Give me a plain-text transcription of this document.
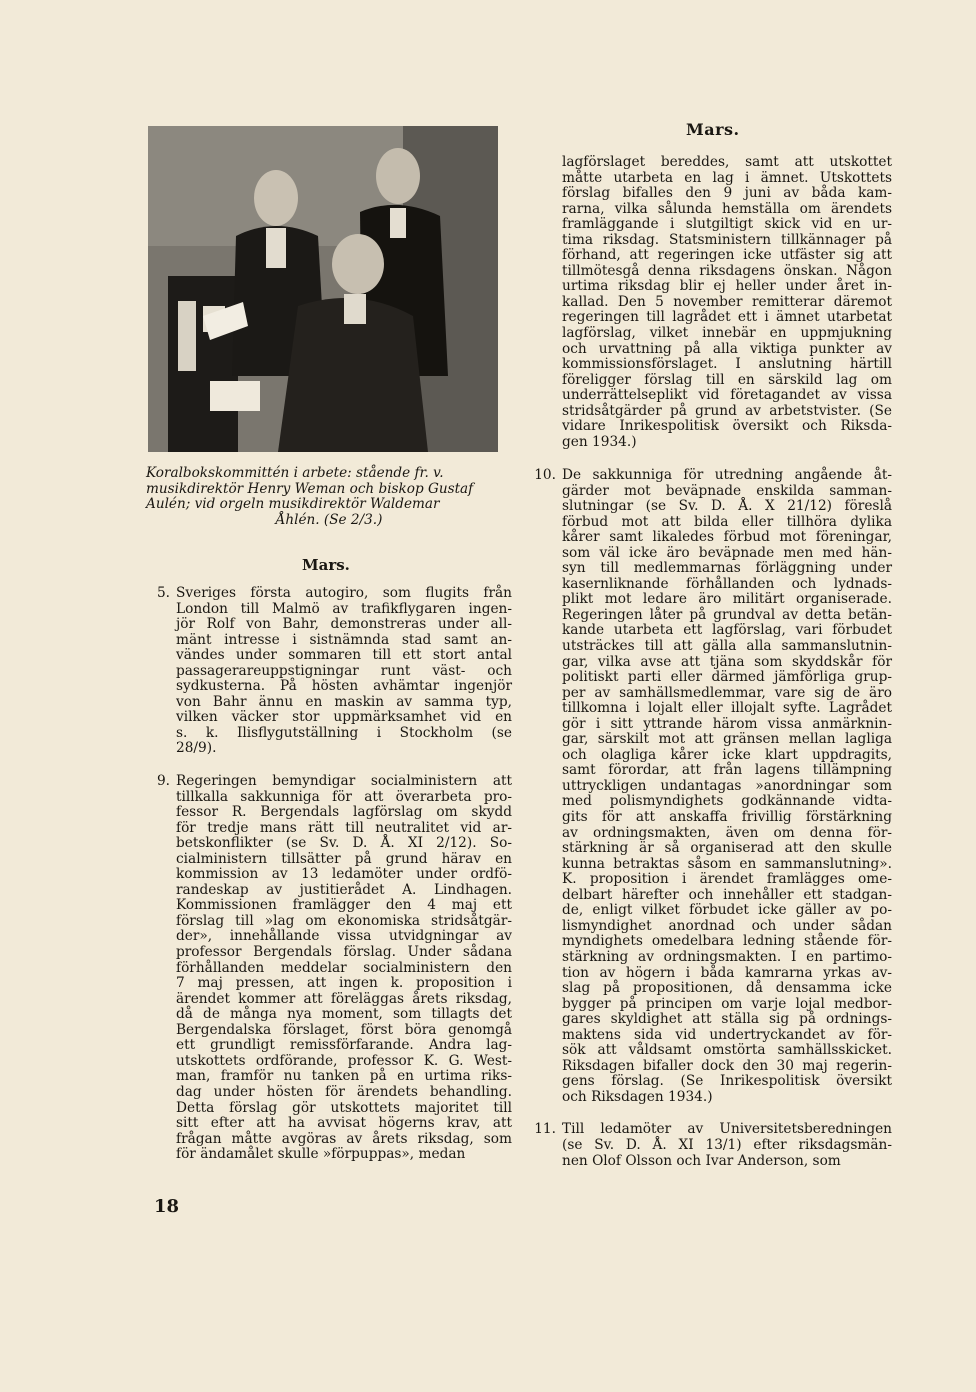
Koralbokskommittén i arbete: stående fr. v.
musikdirektör Henry Weman och biskop Gustaf
Aulén; vid orgeln musikdirektör Waldemar
Åhlén. (Se 2/3.)
Mars.
Mars.
lagförslaget bereddes, samt att utskottet
måtte utarbeta en lag i ämnet. Utskottets
förslag bifalles den 9 juni av båda kam-
rarna, vilka sålunda hemställa om ärendets
framläggande i slutgiltigt skick vid en ur-
tima riksdag. Statsministern tillkännager på
förhand, att regeringen icke utfäster sig att
tillmötesgå denna riksdagens önskan. Någon
urtima riksdag blir ej heller under året in-
kallad. Den 5 november remitterar däremot
regeringen till lagrådet ett i ämnet utarbetat
lagförslag, vilket innebär en uppmjukning
och urvattning på alla viktiga punkter av
kommissionsförslaget. I anslutning härtill
föreligger förslag till en särskild lag om
underrättelseplikt vid företagandet av vissa
stridsåtgärder på grund av arbetstvister. (Se
vidare Inrikespolitisk översikt och Riksda-
gen 1934.)
5. Sveriges första autogiro, som flugits från
London till Malmö av trafikflygaren ingen-
jör Rolf von Bahr, demonstreras under all-
mänt intresse i sistnämnda stad samt an-
vändes under sommaren till ett stort antal
passagerareuppstigningar runt väst- och
sydkusterna. På hösten avhämtar ingenjör
von Bahr ännu en maskin av samma typ,
vilken väcker stor uppmärksamhet vid en
s. k. Ilisflygutställning i Stockholm (se
28/9).
9. Regeringen bemyndigar socialministern att
tillkalla sakkunniga för att överarbeta pro-
fessor R. Bergendals lagförslag om skydd
för tredje mans rätt till neutralitet vid ar-
betskonflikter (se Sv. D. Å. XI 2/12). So-
cialministern tillsätter på grund härav en
kommission av 13 ledamöter under ordfö-
randeskap av justitierådet A. Lindhagen.
Kommissionen framlägger den 4 maj ett
förslag till »lag om ekonomiska stridsåtgär-
der», innehållande vissa utvidgningar av
professor Bergendals förslag. Under sådana
förhållanden meddelar socialministern den
7 maj pressen, att ingen k. proposition i
ärendet kommer att föreläggas årets riksdag,
då de många nya moment, som tillagts det
Bergendalska förslaget, först böra genomgå
ett grundligt remissförfarande. Andra lag-
utskottets ordförande, professor K. G. West-
man, framför nu tanken på en urtima riks-
dag under hösten för ärendets behandling.
Detta förslag gör utskottets majoritet till
sitt efter att ha avvisat högerns krav, att
frågan måtte avgöras av årets riksdag, som
för ändamålet skulle »förpuppas», medan
10. De sakkunniga för utredning angående åt-
gärder mot beväpnade enskilda samman-
slutningar (se Sv. D. Å. X 21/12) föreslå
förbud mot att bilda eller tillhöra dylika
kårer samt likaledes förbud mot föreningar,
som väl icke äro beväpnade men med hän-
syn till medlemmarnas förläggning under
kasernliknande förhållanden och lydnads-
plikt mot ledare äro militärt organiserade.
Regeringen låter på grundval av detta betän-
kande utarbeta ett lagförslag, vari förbudet
utsträckes till att gälla alla sammanslutnin-
gar, vilka avse att tjäna som skyddskår för
politiskt parti eller därmed jämförliga grup-
per av samhällsmedlemmar, vare sig de äro
tillkomna i lojalt eller illojalt syfte. Lagrådet
gör i sitt yttrande härom vissa anmärknin-
gar, särskilt mot att gränsen mellan lagliga
och olagliga kårer icke klart uppdragits,
samt förordar, att från lagens tillämpning
uttryckligen undantagas »anordningar som
med polismyndighets godkännande vidta-
gits för att anskaffa frivillig förstärkning
av ordningsmakten, även om denna för-
stärkning är så organiserad att den skulle
kunna betraktas såsom en sammanslutning».
K. proposition i ärendet framlägges ome-
delbart härefter och innehåller ett stadgan-
de, enligt vilket förbudet icke gäller av po-
lismyndighet anordnad och under sådan
myndighets omedelbara ledning stående för-
stärkning av ordningsmakten. I en partimo-
tion av högern i båda kamrarna yrkas av-
slag på propositionen, då densamma icke
bygger på principen om varje lojal medbor-
gares skyldighet att ställa sig på ordnings-
maktens sida vid undertryckandet av för-
sök att våldsamt omstörta samhällsskicket.
Riksdagen bifaller dock den 30 maj regerin-
gens förslag. (Se Inrikespolitisk översikt
och Riksdagen 1934.)
11. Till ledamöter av Universitetsberedningen
(se Sv. D. Å. XI 13/1) efter riksdagsmän-
nen Olof Olsson och Ivar Anderson, som
18
